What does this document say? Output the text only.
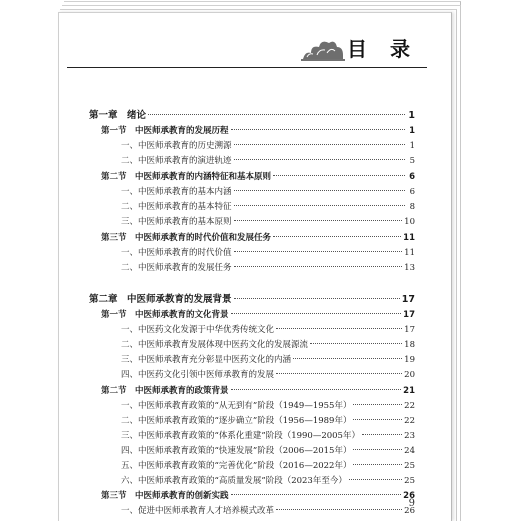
目 录
第一章　绪论	1
第一节　中医师承教育的发展历程	1
一、中医师承教育的历史溯源	1
二、中医师承教育的演进轨迹	5
第二节　中医师承教育的内涵特征和基本原则	6
一、中医师承教育的基本内涵	6
二、中医师承教育的基本特征	8
三、中医师承教育的基本原则	10
第三节　中医师承教育的时代价值和发展任务	11
一、中医师承教育的时代价值	11
二、中医师承教育的发展任务	13
第二章　中医师承教育的发展背景	17
第一节　中医师承教育的文化背景	17
一、中医药文化发源于中华优秀传统文化	17
二、中医师承教育发展体现中医药文化的发展源流	18
三、中医师承教育充分彰显中医药文化的内涵	19
四、中医药文化引领中医师承教育的发展	20
第二节　中医师承教育的政策背景	21
一、中医师承教育政策的“从无到有”阶段（1949—1955年）	22
二、中医师承教育政策的“逐步确立”阶段（1956—1989年）	22
三、中医师承教育政策的“体系化重建”阶段（1990—2005年）	23
四、中医师承教育政策的“快速发展”阶段（2006—2015年）	24
五、中医师承教育政策的“完善优化”阶段（2016—2022年）	25
六、中医师承教育政策的“高质量发展”阶段（2023年至今）	25
第三节　中医师承教育的创新实践	26
一、促进中医师承教育人才培养模式改革	26
9
